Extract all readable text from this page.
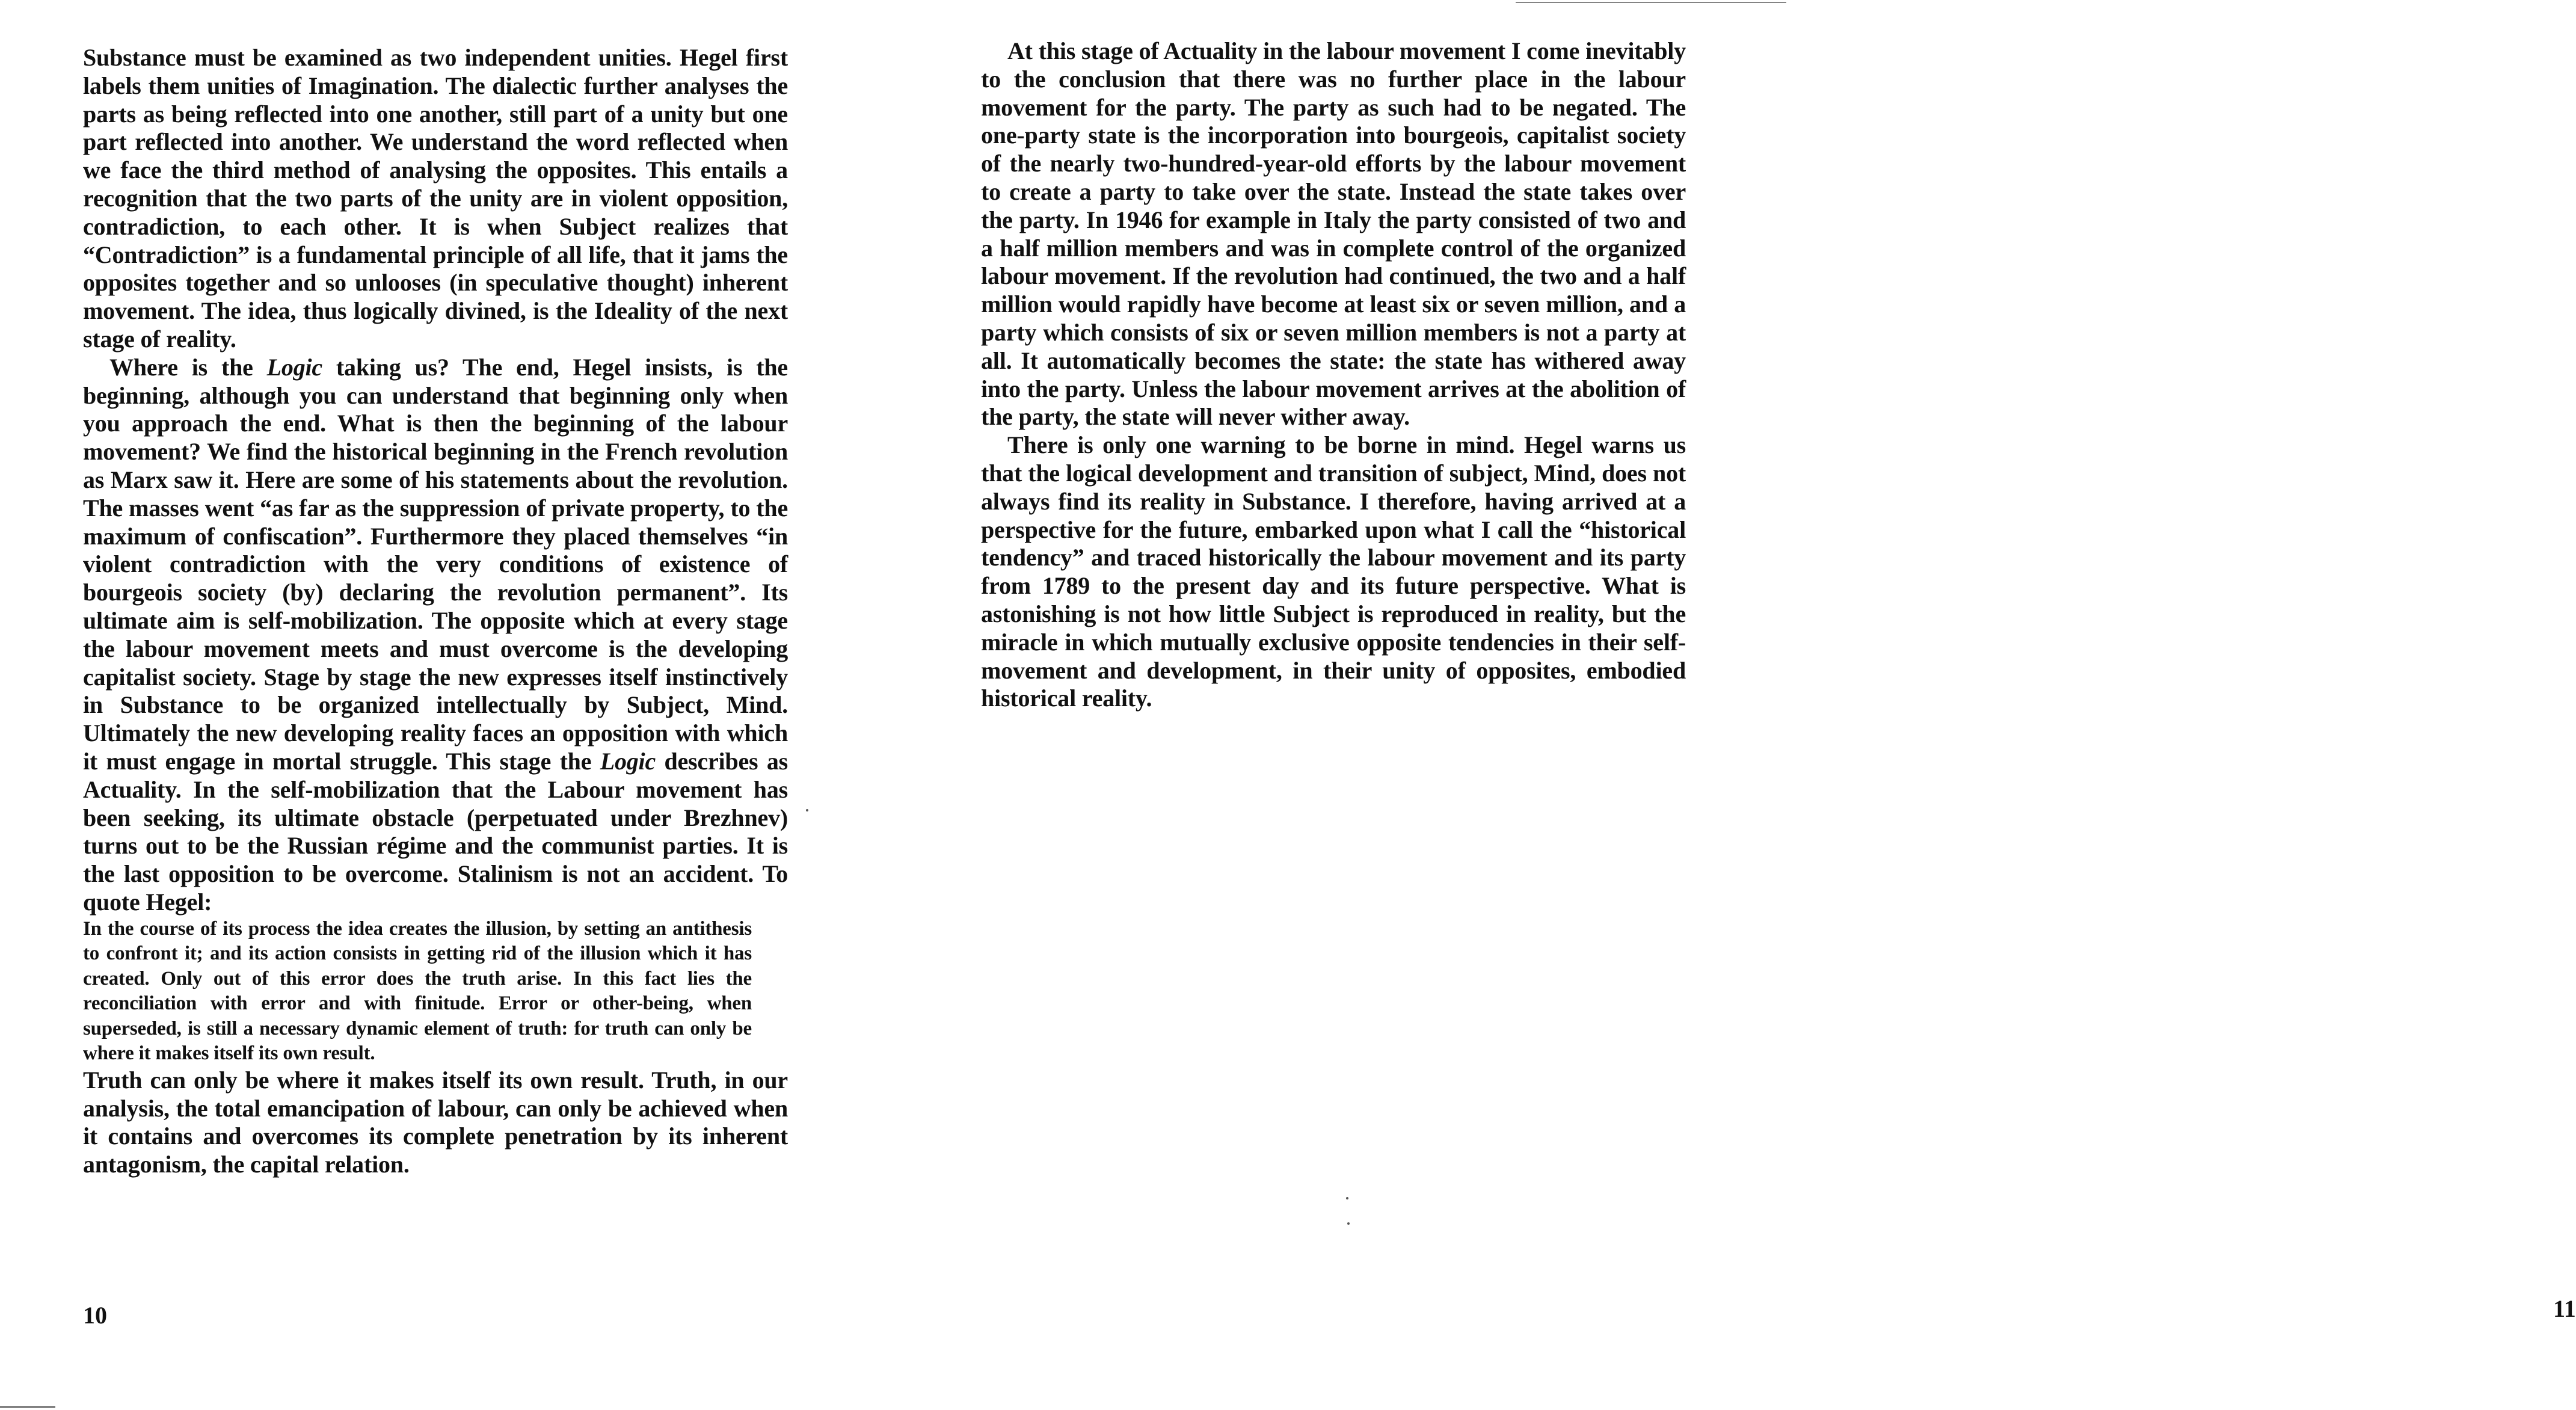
Substance must be examined as two independent unities. Hegel first labels them unities of Imagination. The dialectic further analyses the parts as being reflected into one another, still part of a unity but one part reflected into another. We understand the word reflected when we face the third method of analysing the opposites. This entails a recognition that the two parts of the unity are in violent opposition, contradiction, to each other. It is when Subject realizes that “Contradiction” is a fundamental principle of all life, that it jams the opposites together and so unlooses (in speculative thought) inherent movement. The idea, thus logically divined, is the Ideality of the next stage of reality.

Where is the Logic taking us? The end, Hegel insists, is the beginning, although you can understand that beginning only when you approach the end. What is then the beginning of the labour movement? We find the historical beginning in the French revolution as Marx saw it. Here are some of his statements about the revolution. The masses went “as far as the suppression of private property, to the maximum of confiscation”. Furthermore they placed themselves “in violent contradiction with the very conditions of existence of bourgeois society (by) declaring the revolution permanent”. Its ultimate aim is self-mobilization. The opposite which at every stage the labour movement meets and must overcome is the developing capitalist society. Stage by stage the new expresses itself instinctively in Substance to be organized intellectually by Subject, Mind. Ultimately the new developing reality faces an opposition with which it must engage in mortal struggle. This stage the Logic describes as Actuality. In the self-mobilization that the Labour movement has been seeking, its ultimate obstacle (perpetuated under Brezhnev) turns out to be the Russian régime and the communist parties. It is the last opposition to be overcome. Stalinism is not an accident. To quote Hegel:

In the course of its process the idea creates the illusion, by setting an antithesis to confront it; and its action consists in getting rid of the illusion which it has created. Only out of this error does the truth arise. In this fact lies the reconciliation with error and with finitude. Error or other-being, when superseded, is still a necessary dynamic element of truth: for truth can only be where it makes itself its own result.

Truth can only be where it makes itself its own result. Truth, in our analysis, the total emancipation of labour, can only be achieved when it contains and overcomes its complete penetration by its inherent antagonism, the capital relation.

10

At this stage of Actuality in the labour movement I come inevitably to the conclusion that there was no further place in the labour movement for the party. The party as such had to be negated. The one-party state is the incorporation into bourgeois, capitalist society of the nearly two-hundred-year-old efforts by the labour movement to create a party to take over the state. Instead the state takes over the party. In 1946 for example in Italy the party consisted of two and a half million members and was in complete control of the organized labour movement. If the revolution had continued, the two and a half million would rapidly have become at least six or seven million, and a party which consists of six or seven million members is not a party at all. It automatically becomes the state: the state has withered away into the party. Unless the labour movement arrives at the abolition of the party, the state will never wither away.

There is only one warning to be borne in mind. Hegel warns us that the logical development and transition of subject, Mind, does not always find its reality in Substance. I therefore, having arrived at a perspective for the future, embarked upon what I call the “historical tendency” and traced historically the labour movement and its party from 1789 to the present day and its future perspective. What is astonishing is not how little Subject is reproduced in reality, but the miracle in which mutually exclusive opposite tendencies in their self-movement and development, in their unity of opposites, embodied historical reality.

11
